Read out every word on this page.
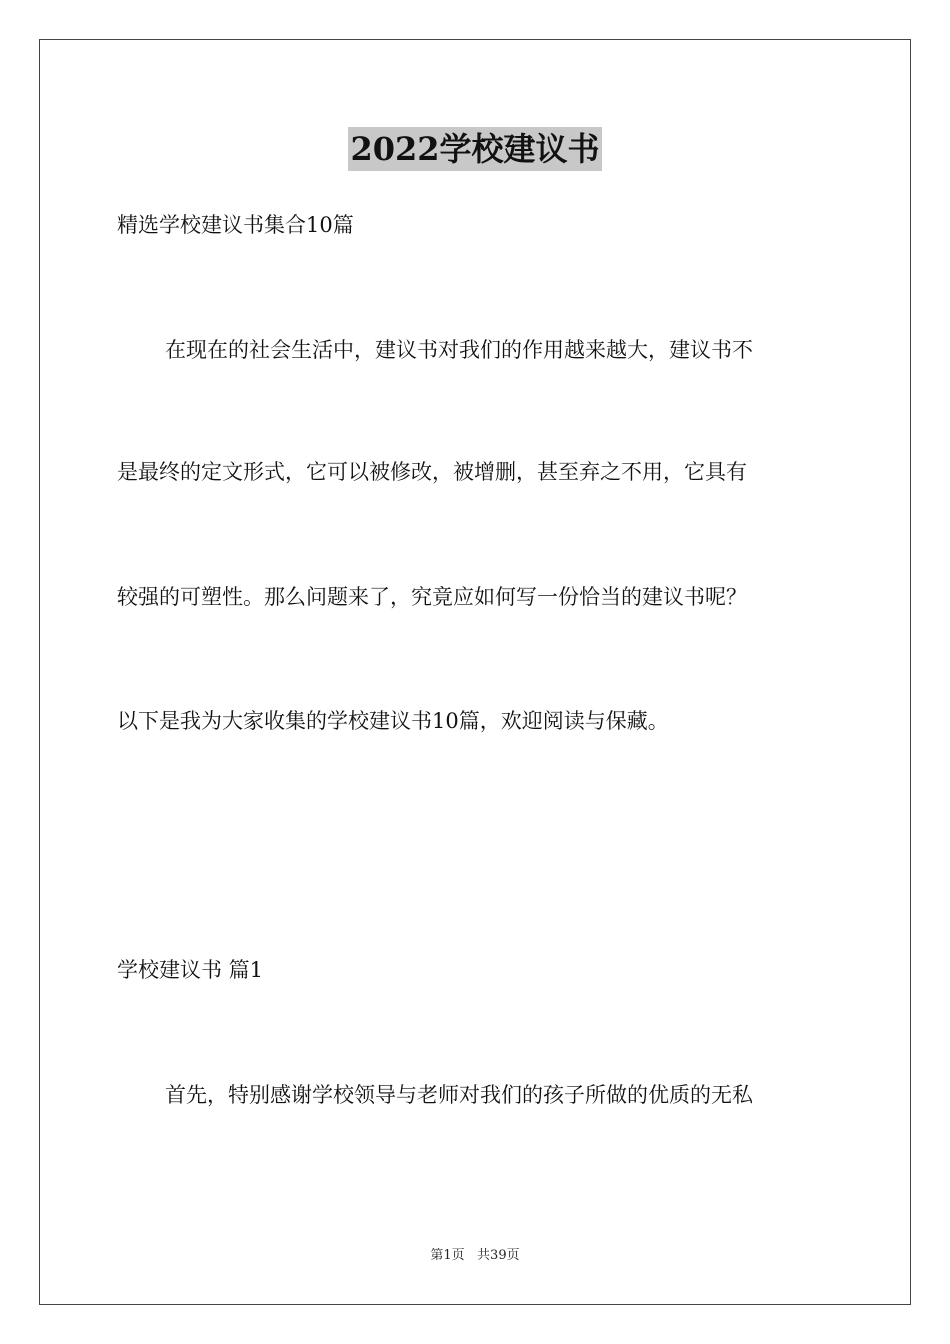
2022学校建议书
精选学校建议书集合10篇
在现在的社会生活中，建议书对我们的作用越来越大，建议书不
是最终的定文形式，它可以被修改，被增删，甚至弃之不用，它具有
较强的可塑性。那么问题来了，究竟应如何写一份恰当的建议书呢？
以下是我为大家收集的学校建议书10篇，欢迎阅读与保藏。
学校建议书 篇1
首先，特别感谢学校领导与老师对我们的孩子所做的优质的无私
第1页   共39页
